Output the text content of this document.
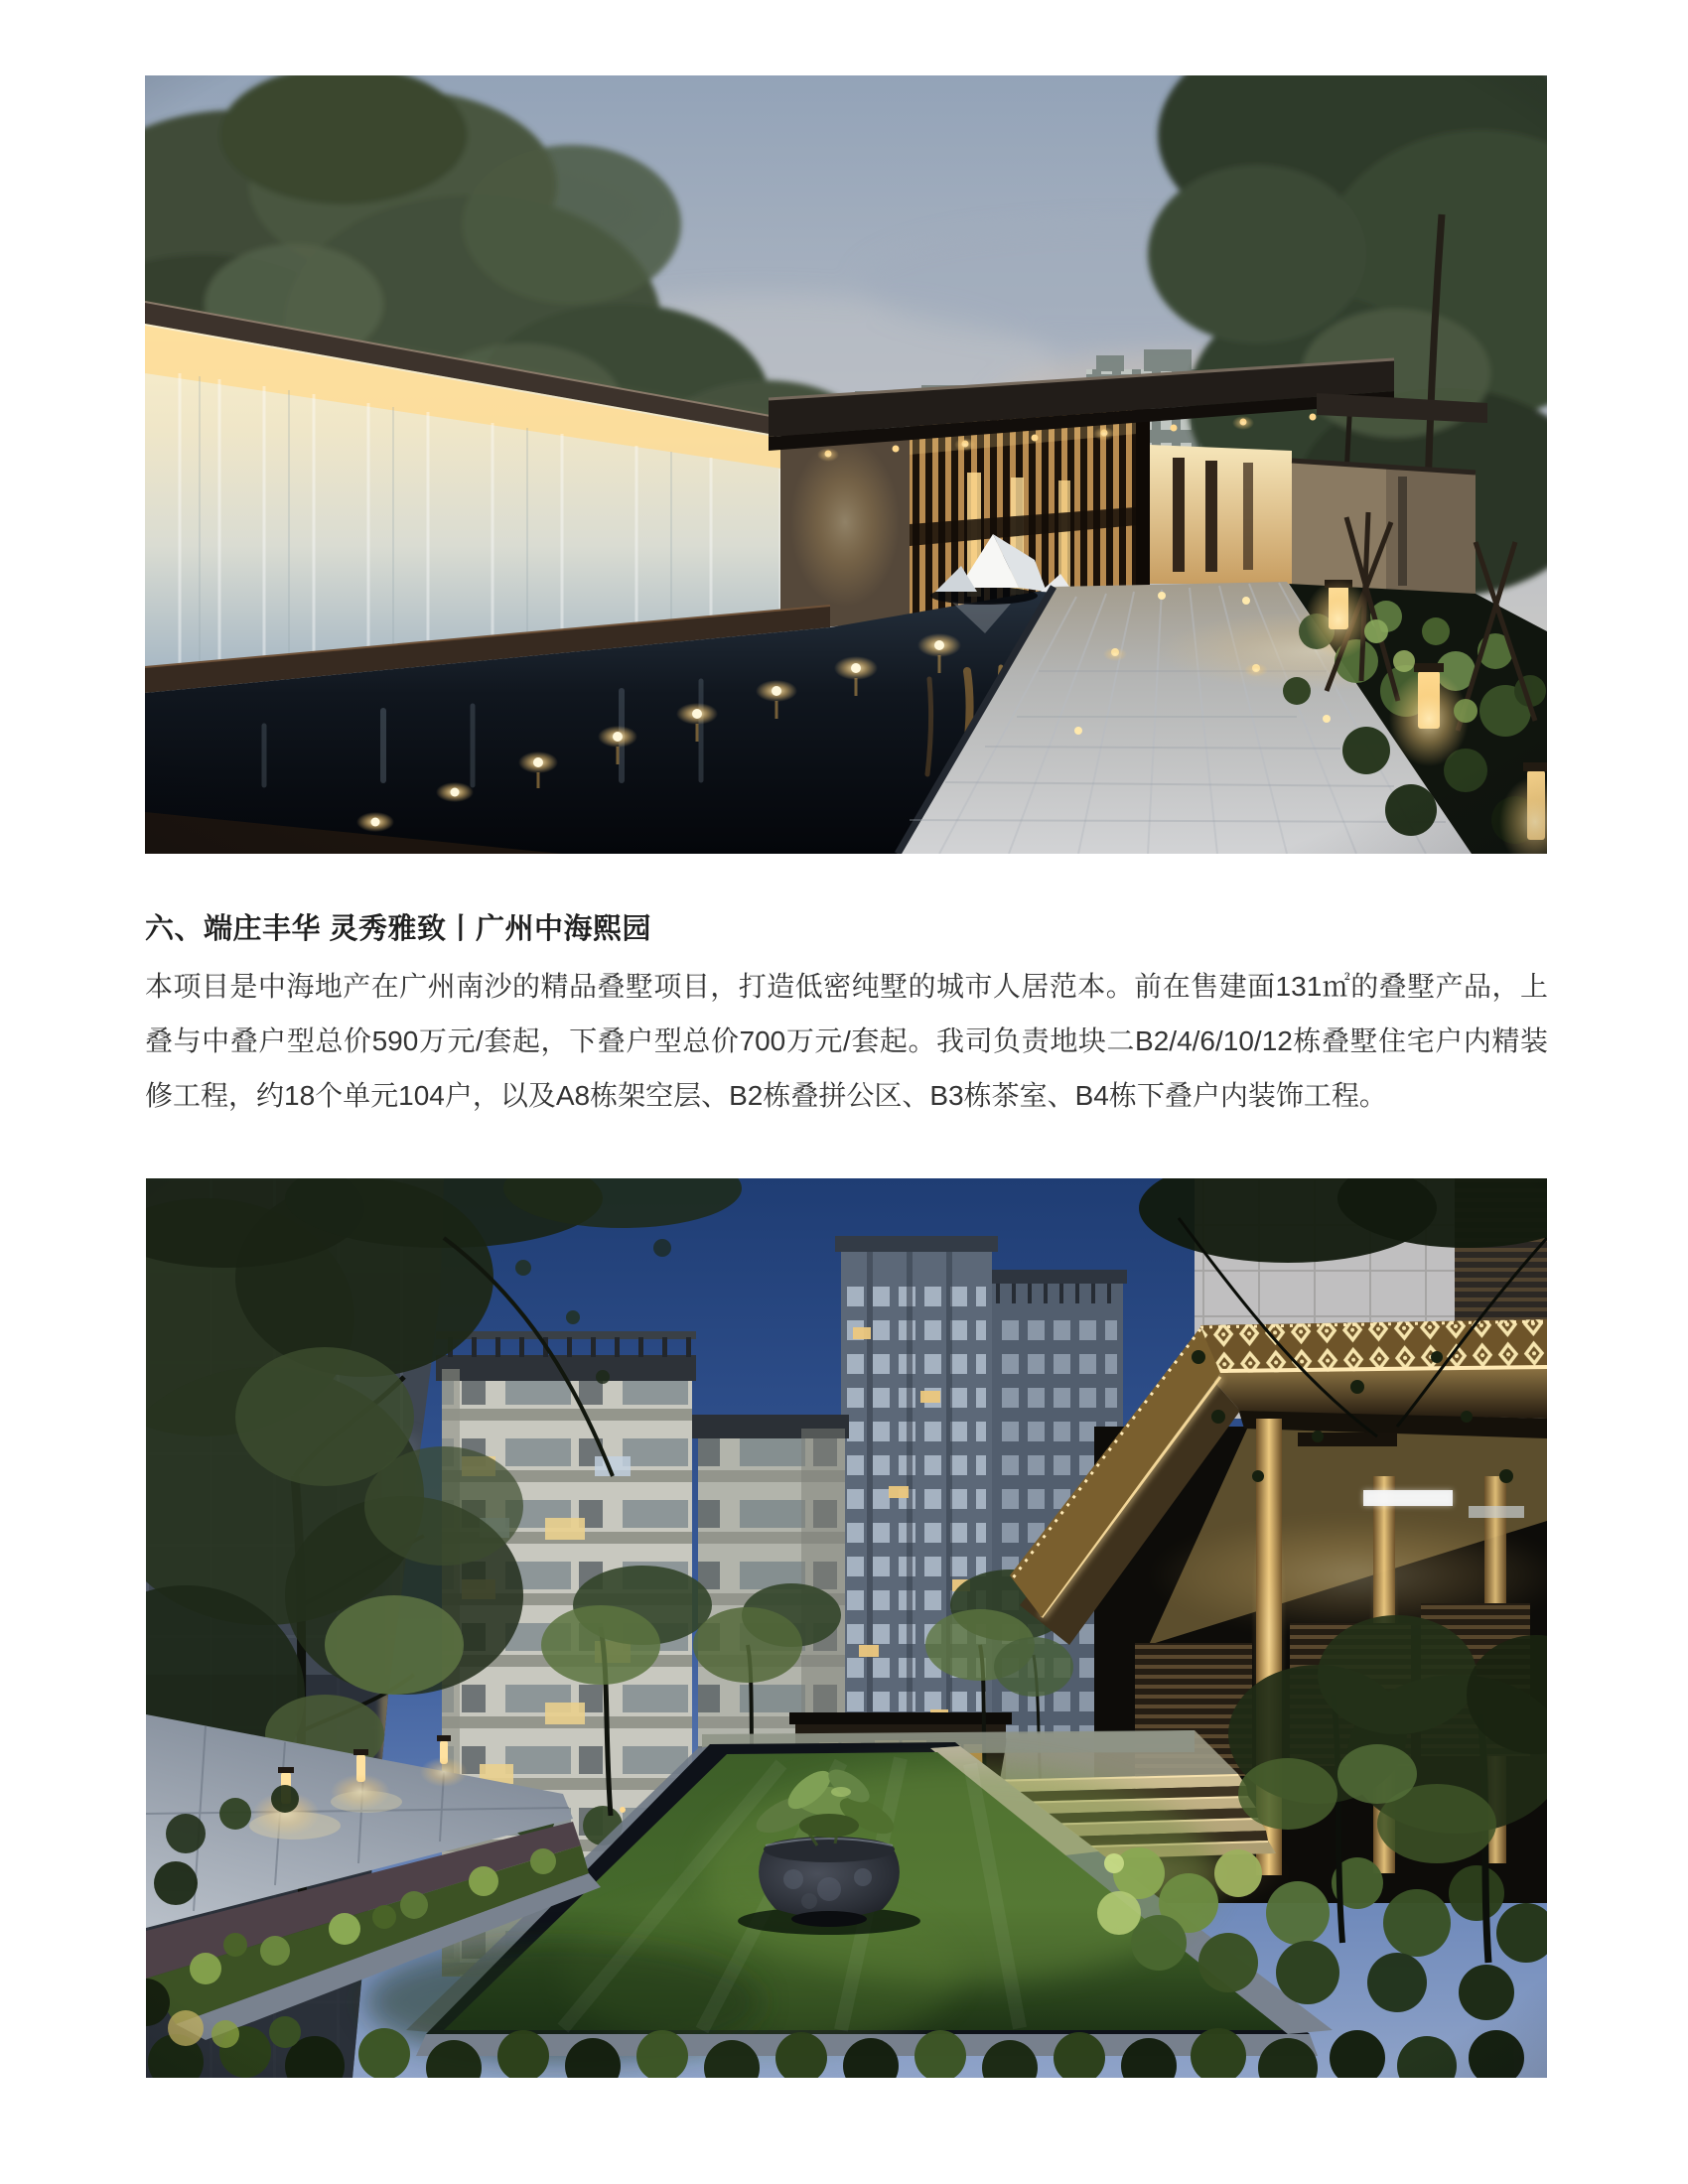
六、端庄丰华 灵秀雅致丨广州中海熙园

本项目是中海地产在广州南沙的精品叠墅项目，打造低密纯墅的城市人居范本。前在售建面131㎡的叠墅产品，上叠与中叠户型总价590万元/套起，下叠户型总价700万元/套起。我司负责地块二B2/4/6/10/12栋叠墅住宅户内精装修工程，约18个单元104户，以及A8栋架空层、B2栋叠拼公区、B3栋茶室、B4栋下叠户内装饰工程。
